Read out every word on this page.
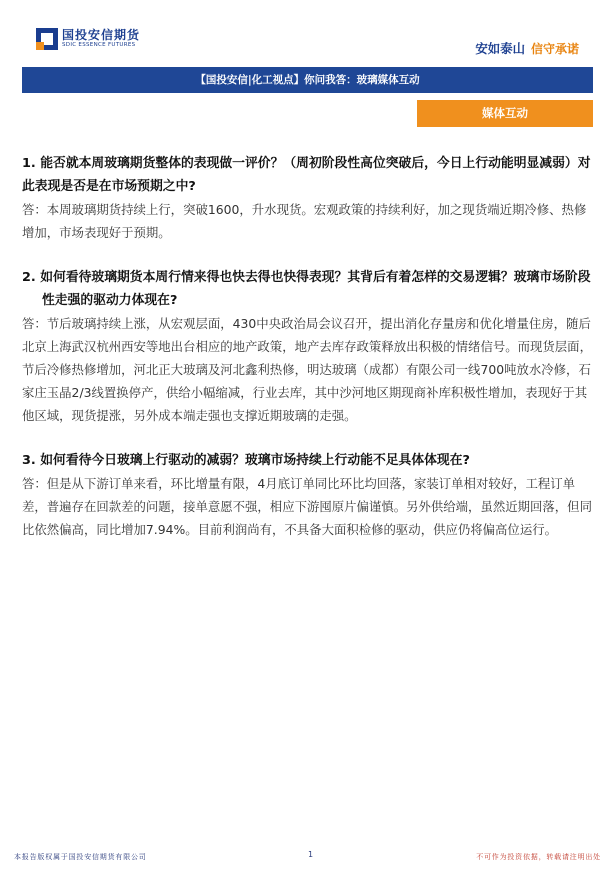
国投安信期货
SDIC ESSENCE FUTURES	安如泰山 信守承诺
【国投安信|化工视点】你问我答：玻璃媒体互动
媒体互动

1. 能否就本周玻璃期货整体的表现做一评价？（周初阶段性高位突破后，今日上行动能明显减弱）对此表现是否是在市场预期之中?

答：本周玻璃期货持续上行，突破1600，升水现货。宏观政策的持续利好，加之现货端近期冷修、热修增加，市场表现好于预期。

2. 如何看待玻璃期货本周行情来得也快去得也快得表现？其背后有着怎样的交易逻辑？玻璃市场阶段性走强的驱动力体现在?

答：节后玻璃持续上涨，从宏观层面，430中央政治局会议召开，提出消化存量房和优化增量住房，随后北京上海武汉杭州西安等地出台相应的地产政策，地产去库存政策释放出积极的情绪信号。而现货层面，节后冷修热修增加，河北正大玻璃及河北鑫利热修，明达玻璃（成都）有限公司一线700吨放水冷修，石家庄玉晶2/3线置换停产，供给小幅缩减，行业去库，其中沙河地区期现商补库积极性增加，表现好于其他区域，现货提涨，另外成本端走强也支撑近期玻璃的走强。

3. 如何看待今日玻璃上行驱动的减弱？玻璃市场持续上行动能不足具体体现在?

答：但是从下游订单来看，环比增量有限，4月底订单同比环比均回落，家装订单相对较好，工程订单差，普遍存在回款差的问题，接单意愿不强，相应下游囤原片偏谨慎。另外供给端，虽然近期回落，但同比依然偏高，同比增加7.94%。目前利润尚有，不具备大面积检修的驱动，供应仍将偏高位运行。

本报告版权属于国投安信期货有限公司	1	不可作为投资依据，转载请注明出处
